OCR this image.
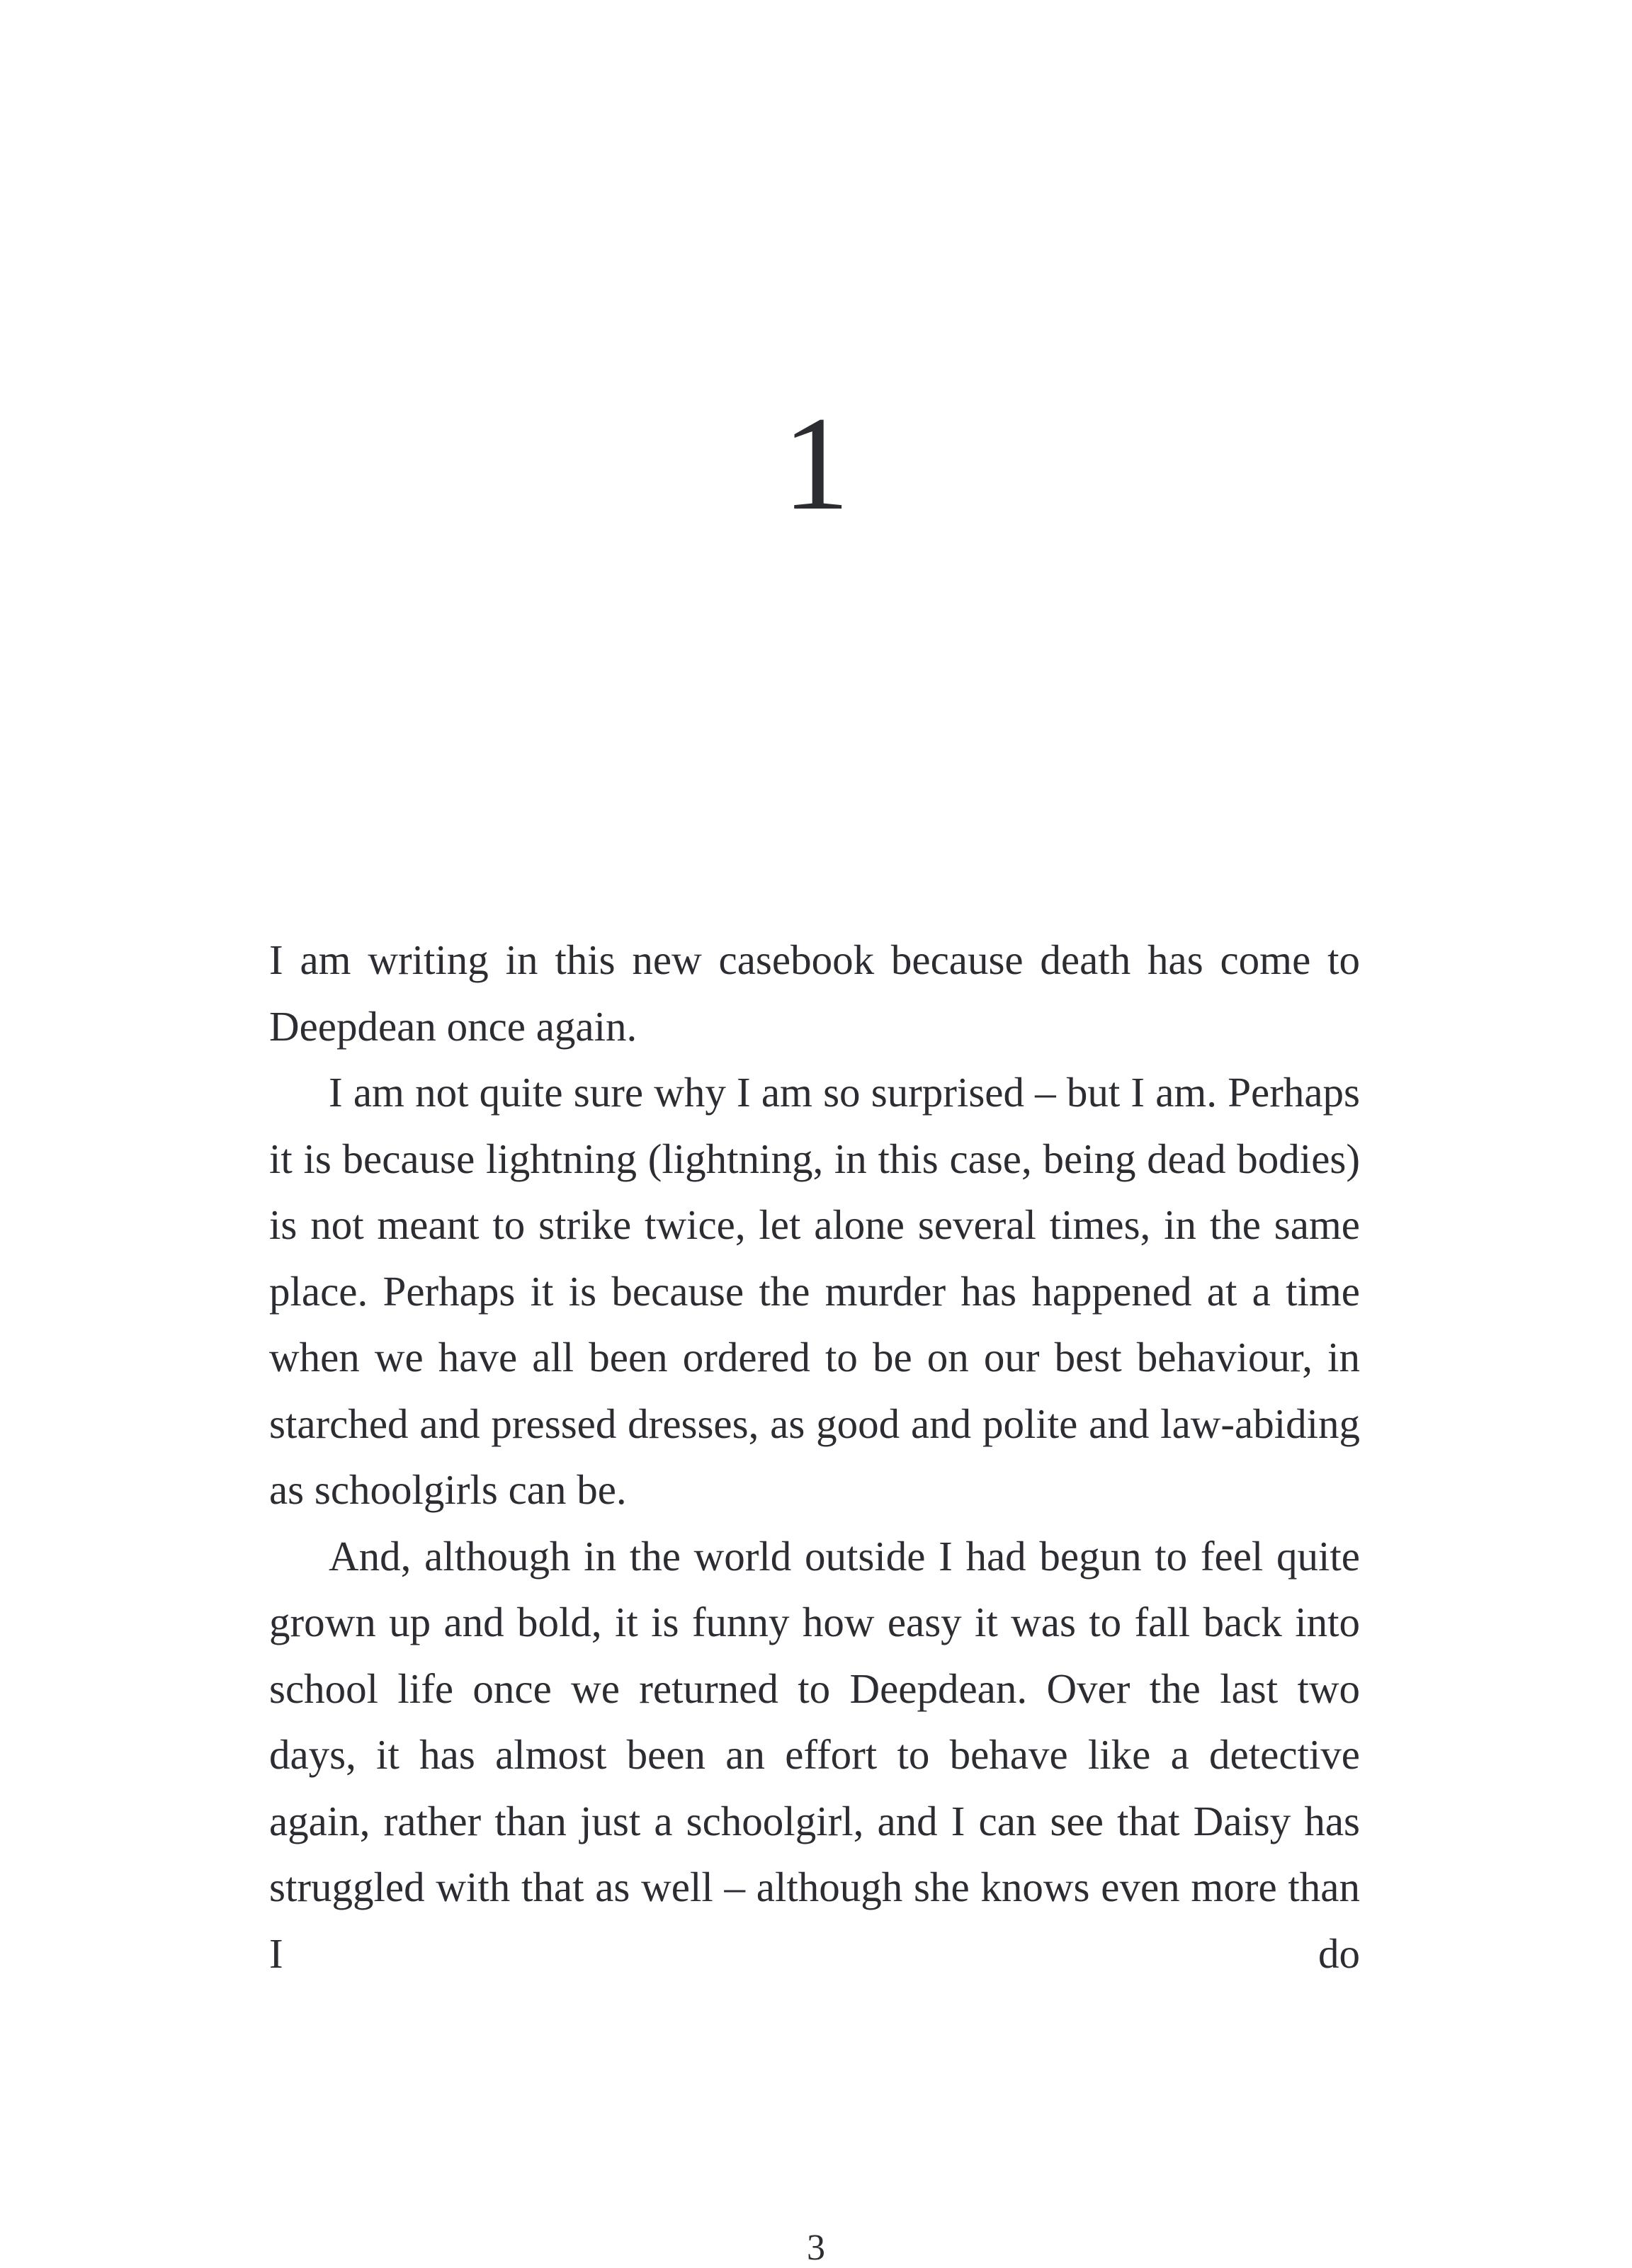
1

I am writing in this new casebook because death has come to Deepdean once again.

I am not quite sure why I am so surprised – but I am. Perhaps it is because lightning (lightning, in this case, being dead bodies) is not meant to strike twice, let alone several times, in the same place. Perhaps it is because the murder has happened at a time when we have all been ordered to be on our best behaviour, in starched and pressed dresses, as good and polite and law-abiding as schoolgirls can be.

And, although in the world outside I had begun to feel quite grown up and bold, it is funny how easy it was to fall back into school life once we returned to Deepdean. Over the last two days, it has almost been an effort to behave like a detective again, rather than just a schoolgirl, and I can see that Daisy has struggled with that as well – although she knows even more than I do

3
